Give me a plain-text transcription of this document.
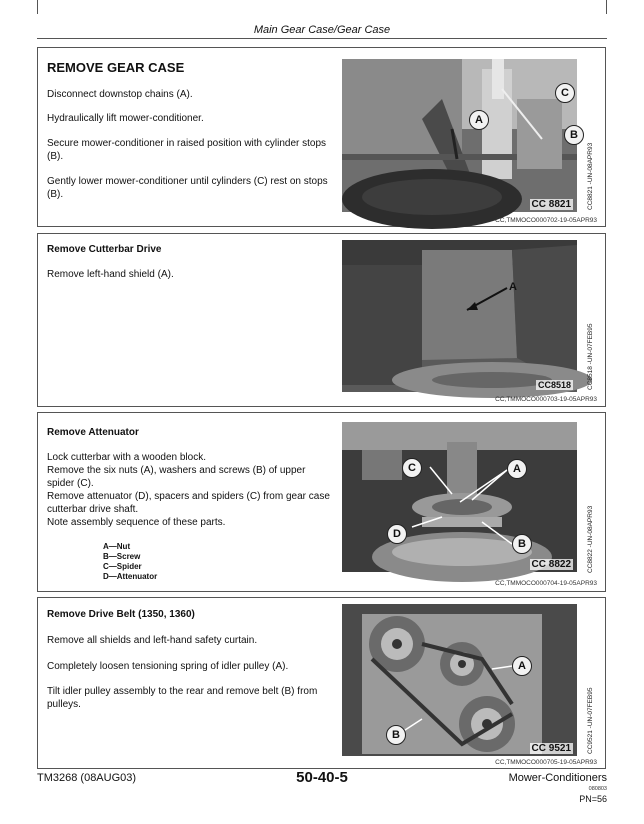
Main Gear Case/Gear Case
REMOVE GEAR CASE
Disconnect downstop chains (A).
Hydraulically lift mower-conditioner.
Secure mower-conditioner in raised position with cylinder stops (B).
Gently lower mower-conditioner until cylinders (C) rest on stops (B).
A
B
C
CC 8821	CC8821 -UN-08APR93
CC,TMMOCO000702-19-05APR93
Remove Cutterbar Drive
Remove left-hand shield (A).
CC8518
A
CC8518 -UN-07FEB95
CC,TMMOCO000703-19-05APR93
Remove Attenuator
Lock cutterbar with a wooden block.
Remove the six nuts (A), washers and screws (B) of upper spider (C).
Remove attenuator (D), spacers and spiders (C) from gear case cutterbar drive shaft.
Note assembly sequence of these parts.
A—Nut
B—Screw
C—Spider
D—Attenuator
C	A
D
B
CC 8822	CC8822 -UN-08APR93
CC,TMMOCO000704-19-05APR93
Remove Drive Belt (1350, 1360)
Remove all shields and left-hand safety curtain.
Completely loosen tensioning spring of idler pulley (A).
Tilt idler pulley assembly to the rear and remove belt (B) from pulleys.
A
B
CC 9521	CC9521 -UN-07FEB95
CC,TMMOCO000705-19-05APR93
TM3268 (08AUG03)	50-40-5	Mower-Conditioners
080803
PN=56
